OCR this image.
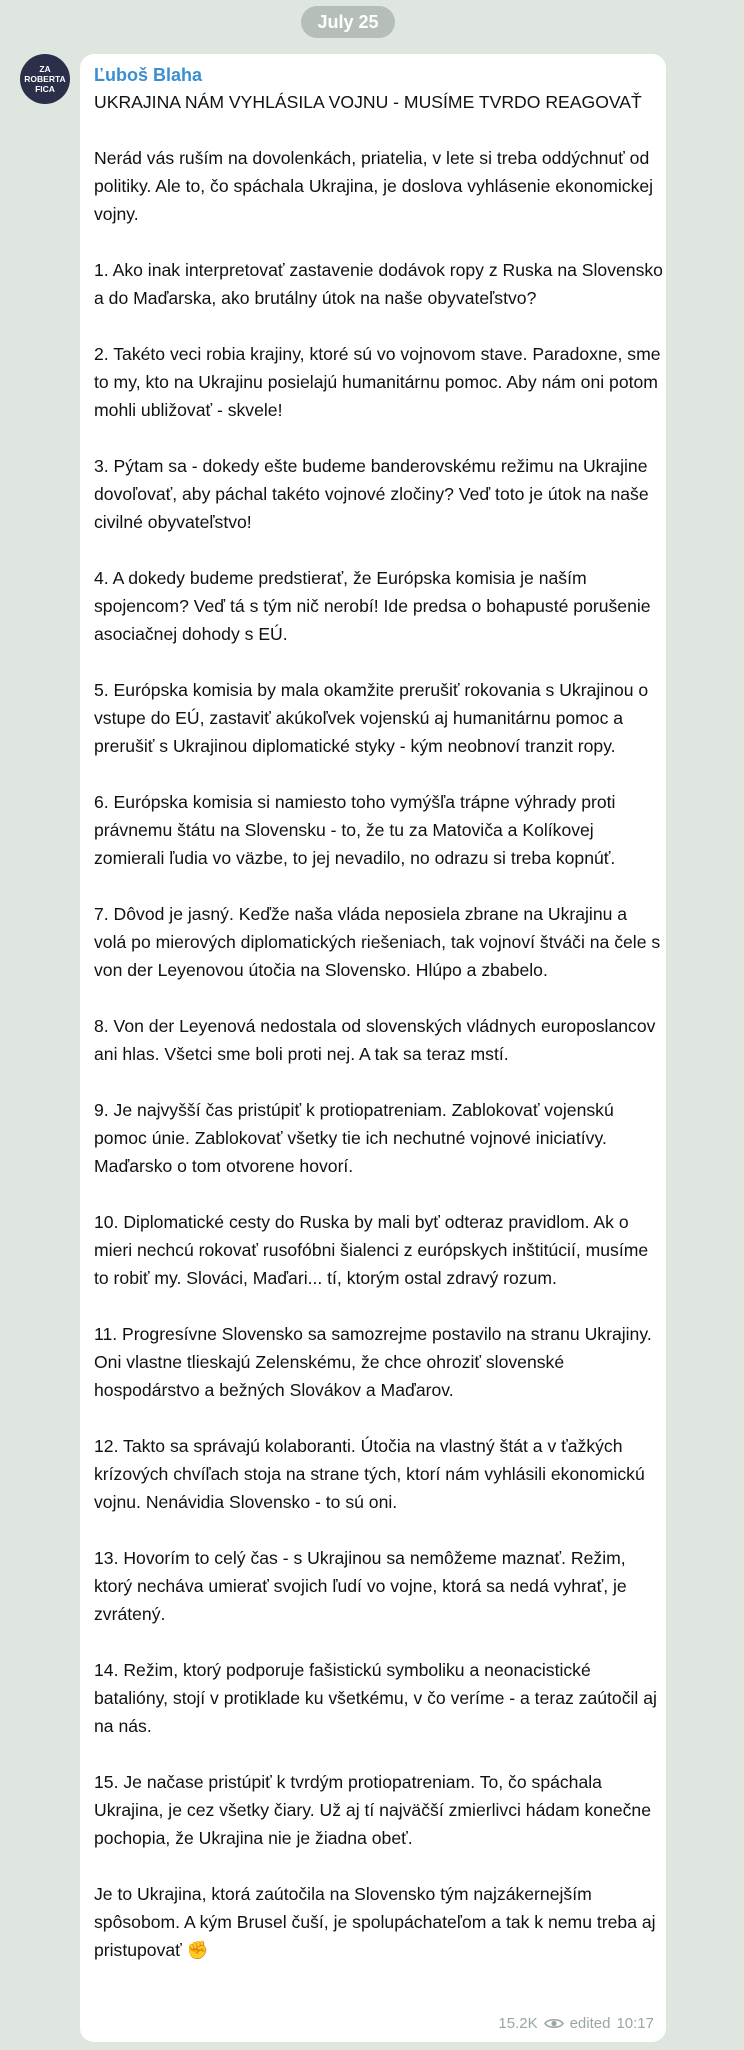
July 25
ZA
ROBERTA
FICA
Ľuboš Blaha

UKRAJINA NÁM VYHLÁSILA VOJNU - MUSÍME TVRDO REAGOVAŤ

Nerád vás ruším na dovolenkách, priatelia, v lete si treba oddýchnuť od politiky. Ale to, čo spáchala Ukrajina, je doslova vyhlásenie ekonomickej vojny.

1. Ako inak interpretovať zastavenie dodávok ropy z Ruska na Slovensko a do Maďarska, ako brutálny útok na naše obyvateľstvo?

2. Takéto veci robia krajiny, ktoré sú vo vojnovom stave. Paradoxne, sme to my, kto na Ukrajinu posielajú humanitárnu pomoc. Aby nám oni potom mohli ubližovať - skvele!

3. Pýtam sa - dokedy ešte budeme banderovskému režimu na Ukrajine dovoľovať, aby páchal takéto vojnové zločiny? Veď toto je útok na naše civilné obyvateľstvo!

4. A dokedy budeme predstierať, že Európska komisia je naším spojencom? Veď tá s tým nič nerobí! Ide predsa o bohapusté porušenie asociačnej dohody s EÚ.

5. Európska komisia by mala okamžite prerušiť rokovania s Ukrajinou o vstupe do EÚ, zastaviť akúkoľvek vojenskú aj humanitárnu pomoc a prerušiť s Ukrajinou diplomatické styky - kým neobnoví tranzit ropy.

6. Európska komisia si namiesto toho vymýšľa trápne výhrady proti právnemu štátu na Slovensku - to, že tu za Matoviča a Kolíkovej zomierali ľudia vo väzbe, to jej nevadilo, no odrazu si treba kopnúť.

7. Dôvod je jasný. Keďže naša vláda neposiela zbrane na Ukrajinu a volá po mierových diplomatických riešeniach, tak vojnoví štváči na čele s von der Leyenovou útočia na Slovensko. Hlúpo a zbabelo.

8. Von der Leyenová nedostala od slovenských vládnych europoslancov ani hlas. Všetci sme boli proti nej. A tak sa teraz mstí.

9. Je najvyšší čas pristúpiť k protiopatreniam. Zablokovať vojenskú pomoc únie. Zablokovať všetky tie ich nechutné vojnové iniciatívy. Maďarsko o tom otvorene hovorí.

10. Diplomatické cesty do Ruska by mali byť odteraz pravidlom. Ak o mieri nechcú rokovať rusofóbni šialenci z európskych inštitúcií, musíme to robiť my. Slováci, Maďari... tí, ktorým ostal zdravý rozum.

11. Progresívne Slovensko sa samozrejme postavilo na stranu Ukrajiny. Oni vlastne tlieskajú Zelenskému, že chce ohroziť slovenské hospodárstvo a bežných Slovákov a Maďarov.

12. Takto sa správajú kolaboranti. Útočia na vlastný štát a v ťažkých krízových chvíľach stoja na strane tých, ktorí nám vyhlásili ekonomickú vojnu. Nenávidia Slovensko - to sú oni.

13. Hovorím to celý čas - s Ukrajinou sa nemôžeme maznať. Režim, ktorý necháva umierať svojich ľudí vo vojne, ktorá sa nedá vyhrať, je zvrátený.

14. Režim, ktorý podporuje fašistickú symboliku a neonacistické batalióny, stojí v protiklade ku všetkému, v čo veríme - a teraz zaútočil aj na nás.

15. Je načase pristúpiť k tvrdým protiopatreniam. To, čo spáchala Ukrajina, je cez všetky čiary. Už aj tí najväčší zmierlivci hádam konečne pochopia, že Ukrajina nie je žiadna obeť.

Je to Ukrajina, ktorá zaútočila na Slovensko tým najzákernejším spôsobom. A kým Brusel čuší, je spolupáchateľom a tak k nemu treba aj pristupovať ✊

15.2K edited 10:17
